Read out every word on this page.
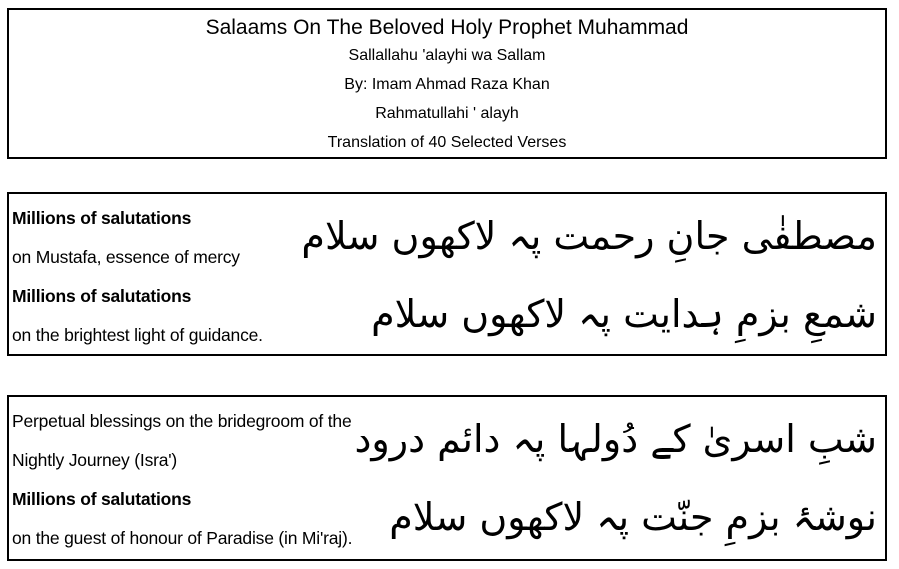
Salaams On The Beloved Holy Prophet Muhammad
Sallallahu 'alayhi wa Sallam
By: Imam Ahmad Raza Khan
Rahmatullahi ' alayh
Translation of 40 Selected Verses
Millions of salutations
on Mustafa, essence of mercy
Millions of salutations
on the brightest light of guidance.
مصطفٰی جانِ رحمت پہ لاکھوں سلام
شمعِ بزمِ ہدایت پہ لاکھوں سلام
Perpetual blessings on the bridegroom of the
Nightly Journey (Isra')
Millions of salutations
on the guest of honour of Paradise (in Mi'raj).
شبِ اسریٰ کے دُولہا پہ دائم درود
نوشۂ بزمِ جنّت پہ لاکھوں سلام
